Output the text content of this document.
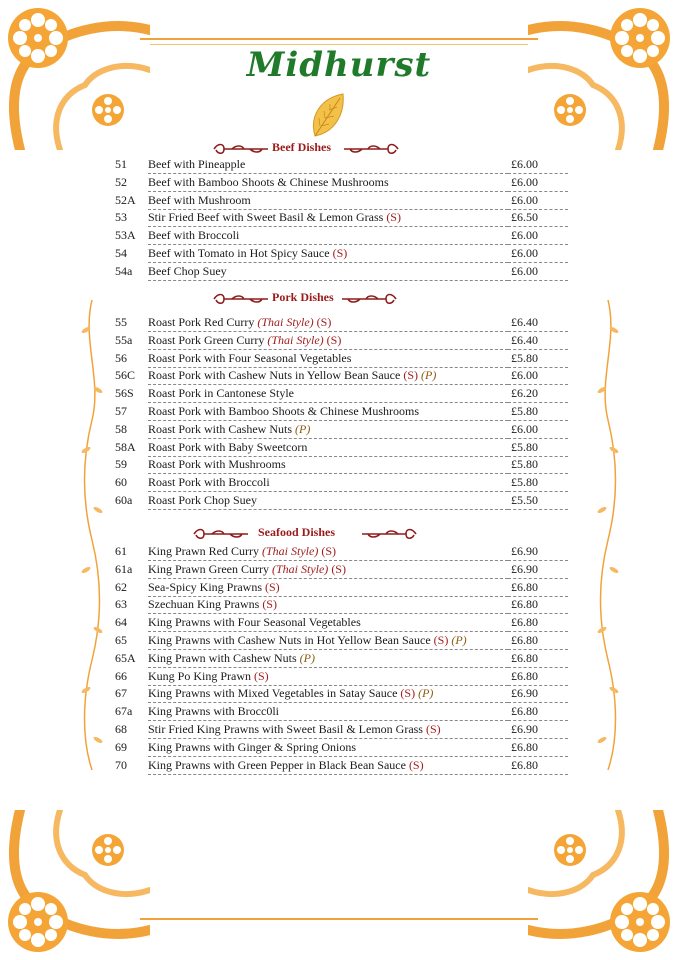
Midhurst
Beef Dishes
Pork Dishes
Seafood Dishes
51 Beef with Pineapple	£6.00
52 Beef with Bamboo Shoots & Chinese Mushrooms	£6.00
52A Beef with Mushroom	£6.00
53 Stir Fried Beef with Sweet Basil & Lemon Grass (S)	£6.50
53A Beef with Broccoli	£6.00
54 Beef with Tomato in Hot Spicy Sauce (S)	£6.00
54a Beef Chop Suey	£6.00
55 Roast Pork Red Curry (Thai Style) (S)	£6.40
55a Roast Pork Green Curry (Thai Style) (S)	£6.40
56 Roast Pork with Four Seasonal Vegetables	£5.80
56C Roast Pork with Cashew Nuts in Yellow Bean Sauce (S) (P)	£6.00
56S Roast Pork in Cantonese Style	£6.20
57 Roast Pork with Bamboo Shoots & Chinese Mushrooms	£5.80
58 Roast Pork with Cashew Nuts (P)	£6.00
58A Roast Pork with Baby Sweetcorn	£5.80
59 Roast Pork with Mushrooms	£5.80
60 Roast Pork with Broccoli	£5.80
60a Roast Pork Chop Suey	£5.50
61 King Prawn Red Curry (Thai Style) (S)	£6.90
61a King Prawn Green Curry (Thai Style) (S)	£6.90
62 Sea-Spicy King Prawns (S)	£6.80
63 Szechuan King Prawns (S)	£6.80
64 King Prawns with Four Seasonal Vegetables	£6.80
65 King Prawns with Cashew Nuts in Hot Yellow Bean Sauce (S) (P)	£6.80
65A King Prawn with Cashew Nuts (P)	£6.80
66 Kung Po King Prawn (S)	£6.80
67 King Prawns with Mixed Vegetables in Satay Sauce (S) (P)	£6.90
67a King Prawns with Brocc0li	£6.80
68 Stir Fried King Prawns with Sweet Basil & Lemon Grass (S)	£6.90
69 King Prawns with Ginger & Spring Onions	£6.80
70 King Prawns with Green Pepper in Black Bean Sauce (S)	£6.80
